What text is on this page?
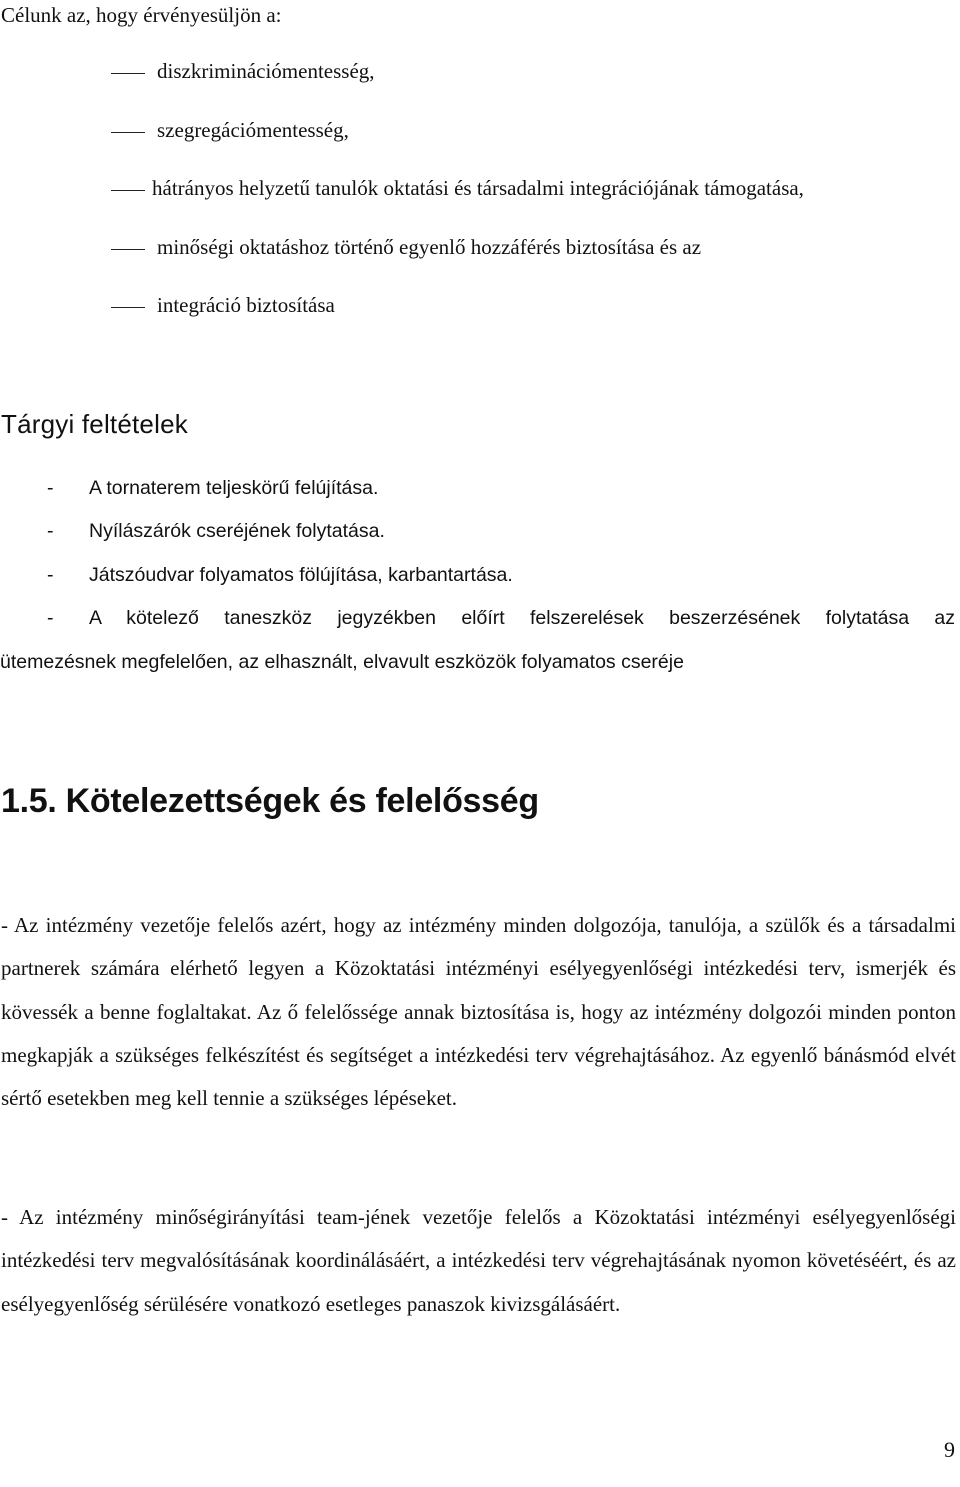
Célunk az, hogy érvényesüljön a:

diszkriminációmentesség,
szegregációmentesség,
hátrányos helyzetű tanulók oktatási és társadalmi integrációjának támogatása,
minőségi oktatáshoz történő egyenlő hozzáférés biztosítása és az
integráció biztosítása
Tárgyi feltételek
- A tornaterem teljeskörű felújítása.
- Nyílászárók cseréjének folytatása.
- Játszóudvar folyamatos fölújítása, karbantartása.
- A kötelező taneszköz jegyzékben előírt felszerelések beszerzésének folytatása az
ütemezésnek megfelelően, az elhasznált, elvavult eszközök folyamatos cseréje
1.5. Kötelezettségek és felelősség

- Az intézmény vezetője felelős azért, hogy az intézmény minden dolgozója, tanulója, a szülők és a társadalmi partnerek számára elérhető legyen a Közoktatási intézményi esélyegyenlőségi intézkedési terv, ismerjék és kövessék a benne foglaltakat. Az ő felelőssége annak biztosítása is, hogy az intézmény dolgozói minden ponton megkapják a szükséges felkészítést és segítséget a intézkedési terv végrehajtásához. Az egyenlő bánásmód elvét sértő esetekben meg kell tennie a szükséges lépéseket.

- Az intézmény minőségirányítási team-jének vezetője felelős a Közoktatási intézményi esélyegyenlőségi intézkedési terv megvalósításának koordinálásáért, a intézkedési terv végrehajtásának nyomon követéséért, és az esélyegyenlőség sérülésére vonatkozó esetleges panaszok kivizsgálásáért.

9
